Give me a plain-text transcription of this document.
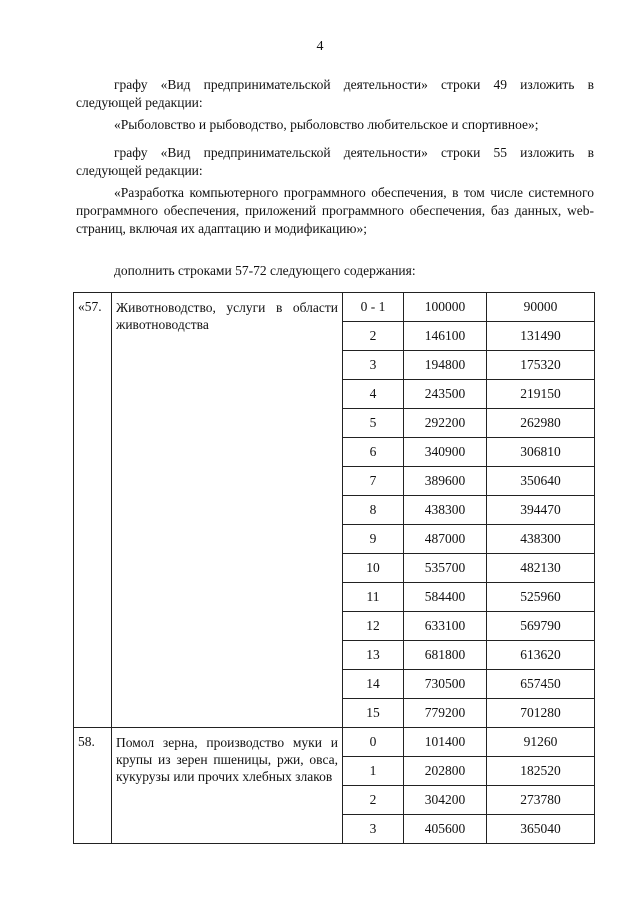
4

графу «Вид предпринимательской деятельности» строки 49 изложить в следующей редакции:

«Рыболовство и рыбоводство, рыболовство любительское и спортивное»;

графу «Вид предпринимательской деятельности» строки 55 изложить в следующей редакции:

«Разработка компьютерного программного обеспечения, в том числе системного программного обеспечения, приложений программного обеспечения, баз данных, web-страниц, включая их адаптацию и модификацию»;

дополнить строками 57-72 следующего содержания:

«57.	Животноводство, услуги в области животноводства	0 - 1	100000	90000
		2	146100	131490
		3	194800	175320
		4	243500	219150
		5	292200	262980
		6	340900	306810
		7	389600	350640
		8	438300	394470
		9	487000	438300
		10	535700	482130
		11	584400	525960
		12	633100	569790
		13	681800	613620
		14	730500	657450
		15	779200	701280
58.	Помол зерна, производство муки и крупы из зерен пшеницы, ржи, овса, кукурузы или прочих хлебных злаков	0	101400	91260
		1	202800	182520
		2	304200	273780
		3	405600	365040
